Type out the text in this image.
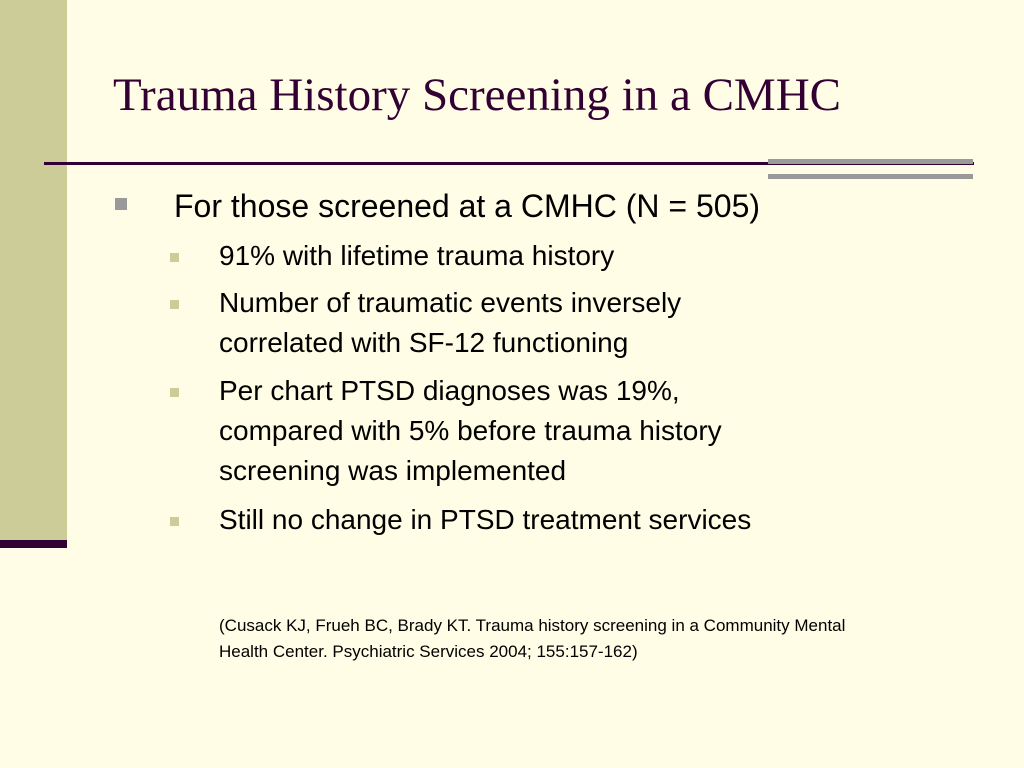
Trauma History Screening in a CMHC
For those screened at a CMHC (N = 505)
91% with lifetime trauma history
Number of traumatic events inversely
correlated with SF-12 functioning
Per chart PTSD diagnoses was 19%,
compared with 5% before trauma history
screening was implemented
Still no change in PTSD treatment services
(Cusack KJ, Frueh BC, Brady KT. Trauma history screening in a Community Mental
Health Center. Psychiatric Services 2004; 155:157-162)
